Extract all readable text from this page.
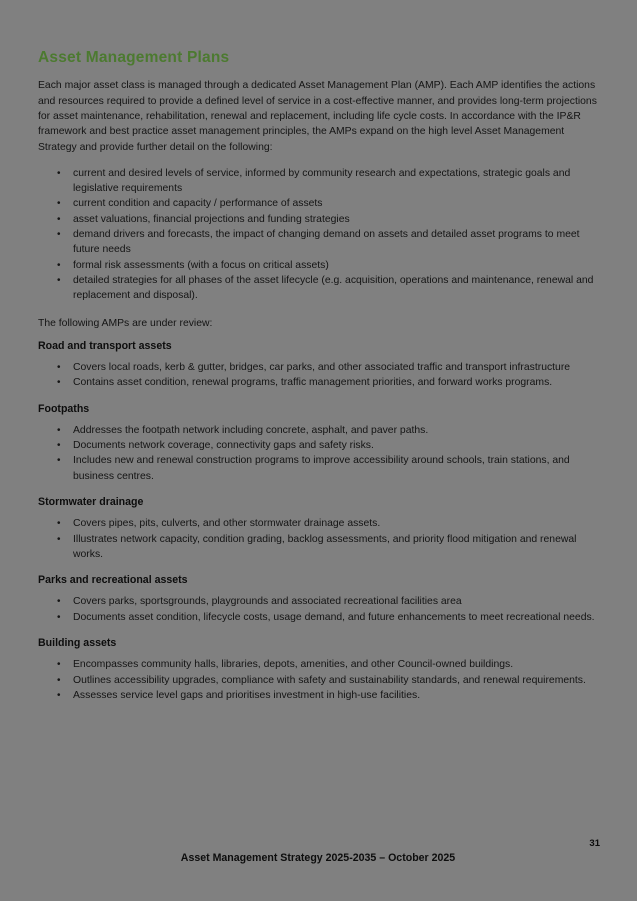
Asset Management Plans

Each major asset class is managed through a dedicated Asset Management Plan (AMP). Each AMP identifies the actions and resources required to provide a defined level of service in a cost-effective manner, and provides long-term projections for asset maintenance, rehabilitation, renewal and replacement, including life cycle costs. In accordance with the IP&R framework and best practice asset management principles, the AMPs expand on the high level Asset Management Strategy and provide further detail on the following:

• current and desired levels of service, informed by community research and expectations, strategic goals and legislative requirements
• current condition and capacity / performance of assets
• asset valuations, financial projections and funding strategies
• demand drivers and forecasts, the impact of changing demand on assets and detailed asset programs to meet future needs
• formal risk assessments (with a focus on critical assets)
• detailed strategies for all phases of the asset lifecycle (e.g. acquisition, operations and maintenance, renewal and replacement and disposal).

The following AMPs are under review:

Road and transport assets
• Covers local roads, kerb & gutter, bridges, car parks, and other associated traffic and transport infrastructure
• Contains asset condition, renewal programs, traffic management priorities, and forward works programs.
Footpaths
• Addresses the footpath network including concrete, asphalt, and paver paths.
• Documents network coverage, connectivity gaps and safety risks.
• Includes new and renewal construction programs to improve accessibility around schools, train stations, and business centres.
Stormwater drainage
• Covers pipes, pits, culverts, and other stormwater drainage assets.
• Illustrates network capacity, condition grading, backlog assessments, and priority flood mitigation and renewal works.
Parks and recreational assets
• Covers parks, sportsgrounds, playgrounds and associated recreational facilities area
• Documents asset condition, lifecycle costs, usage demand, and future enhancements to meet recreational needs.
Building assets
• Encompasses community halls, libraries, depots, amenities, and other Council-owned buildings.
• Outlines accessibility upgrades, compliance with safety and sustainability standards, and renewal requirements.
• Assesses service level gaps and prioritises investment in high-use facilities.
31
Asset Management Strategy 2025-2035 – October 2025
